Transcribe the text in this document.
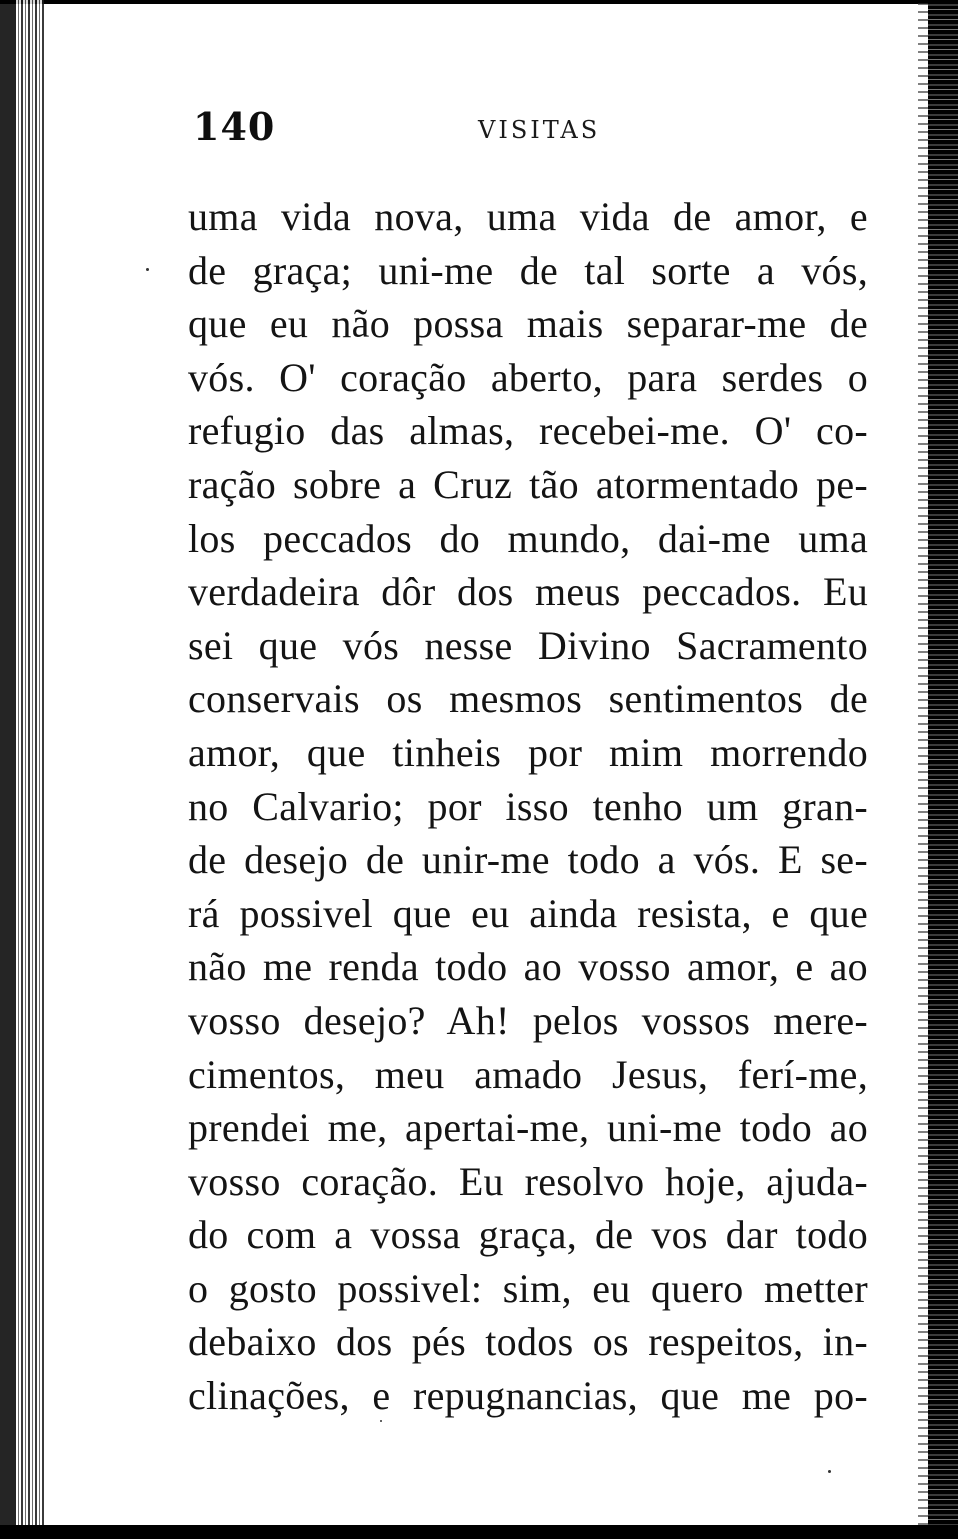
140	VISITAS
uma vida nova, uma vida de amor, e
de graça; uni-me de tal sorte a vós,
que eu não possa mais separar-me de
vós. O' coração aberto, para serdes o
refugio das almas, recebei-me. O' co-
ração sobre a Cruz tão atormentado pe-
los peccados do mundo, dai-me uma
verdadeira dôr dos meus peccados. Eu
sei que vós nesse Divino Sacramento
conservais os mesmos sentimentos de
amor, que tinheis por mim morrendo
no Calvario; por isso tenho um gran-
de desejo de unir-me todo a vós. E se-
rá possivel que eu ainda resista, e que
não me renda todo ao vosso amor, e ao
vosso desejo? Ah! pelos vossos mere-
cimentos, meu amado Jesus, ferí-me,
prendei me, apertai-me, uni-me todo ao
vosso coração. Eu resolvo hoje, ajuda-
do com a vossa graça, de vos dar todo
o gosto possivel: sim, eu quero metter
debaixo dos pés todos os respeitos, in-
clinações, e repugnancias, que me po-
